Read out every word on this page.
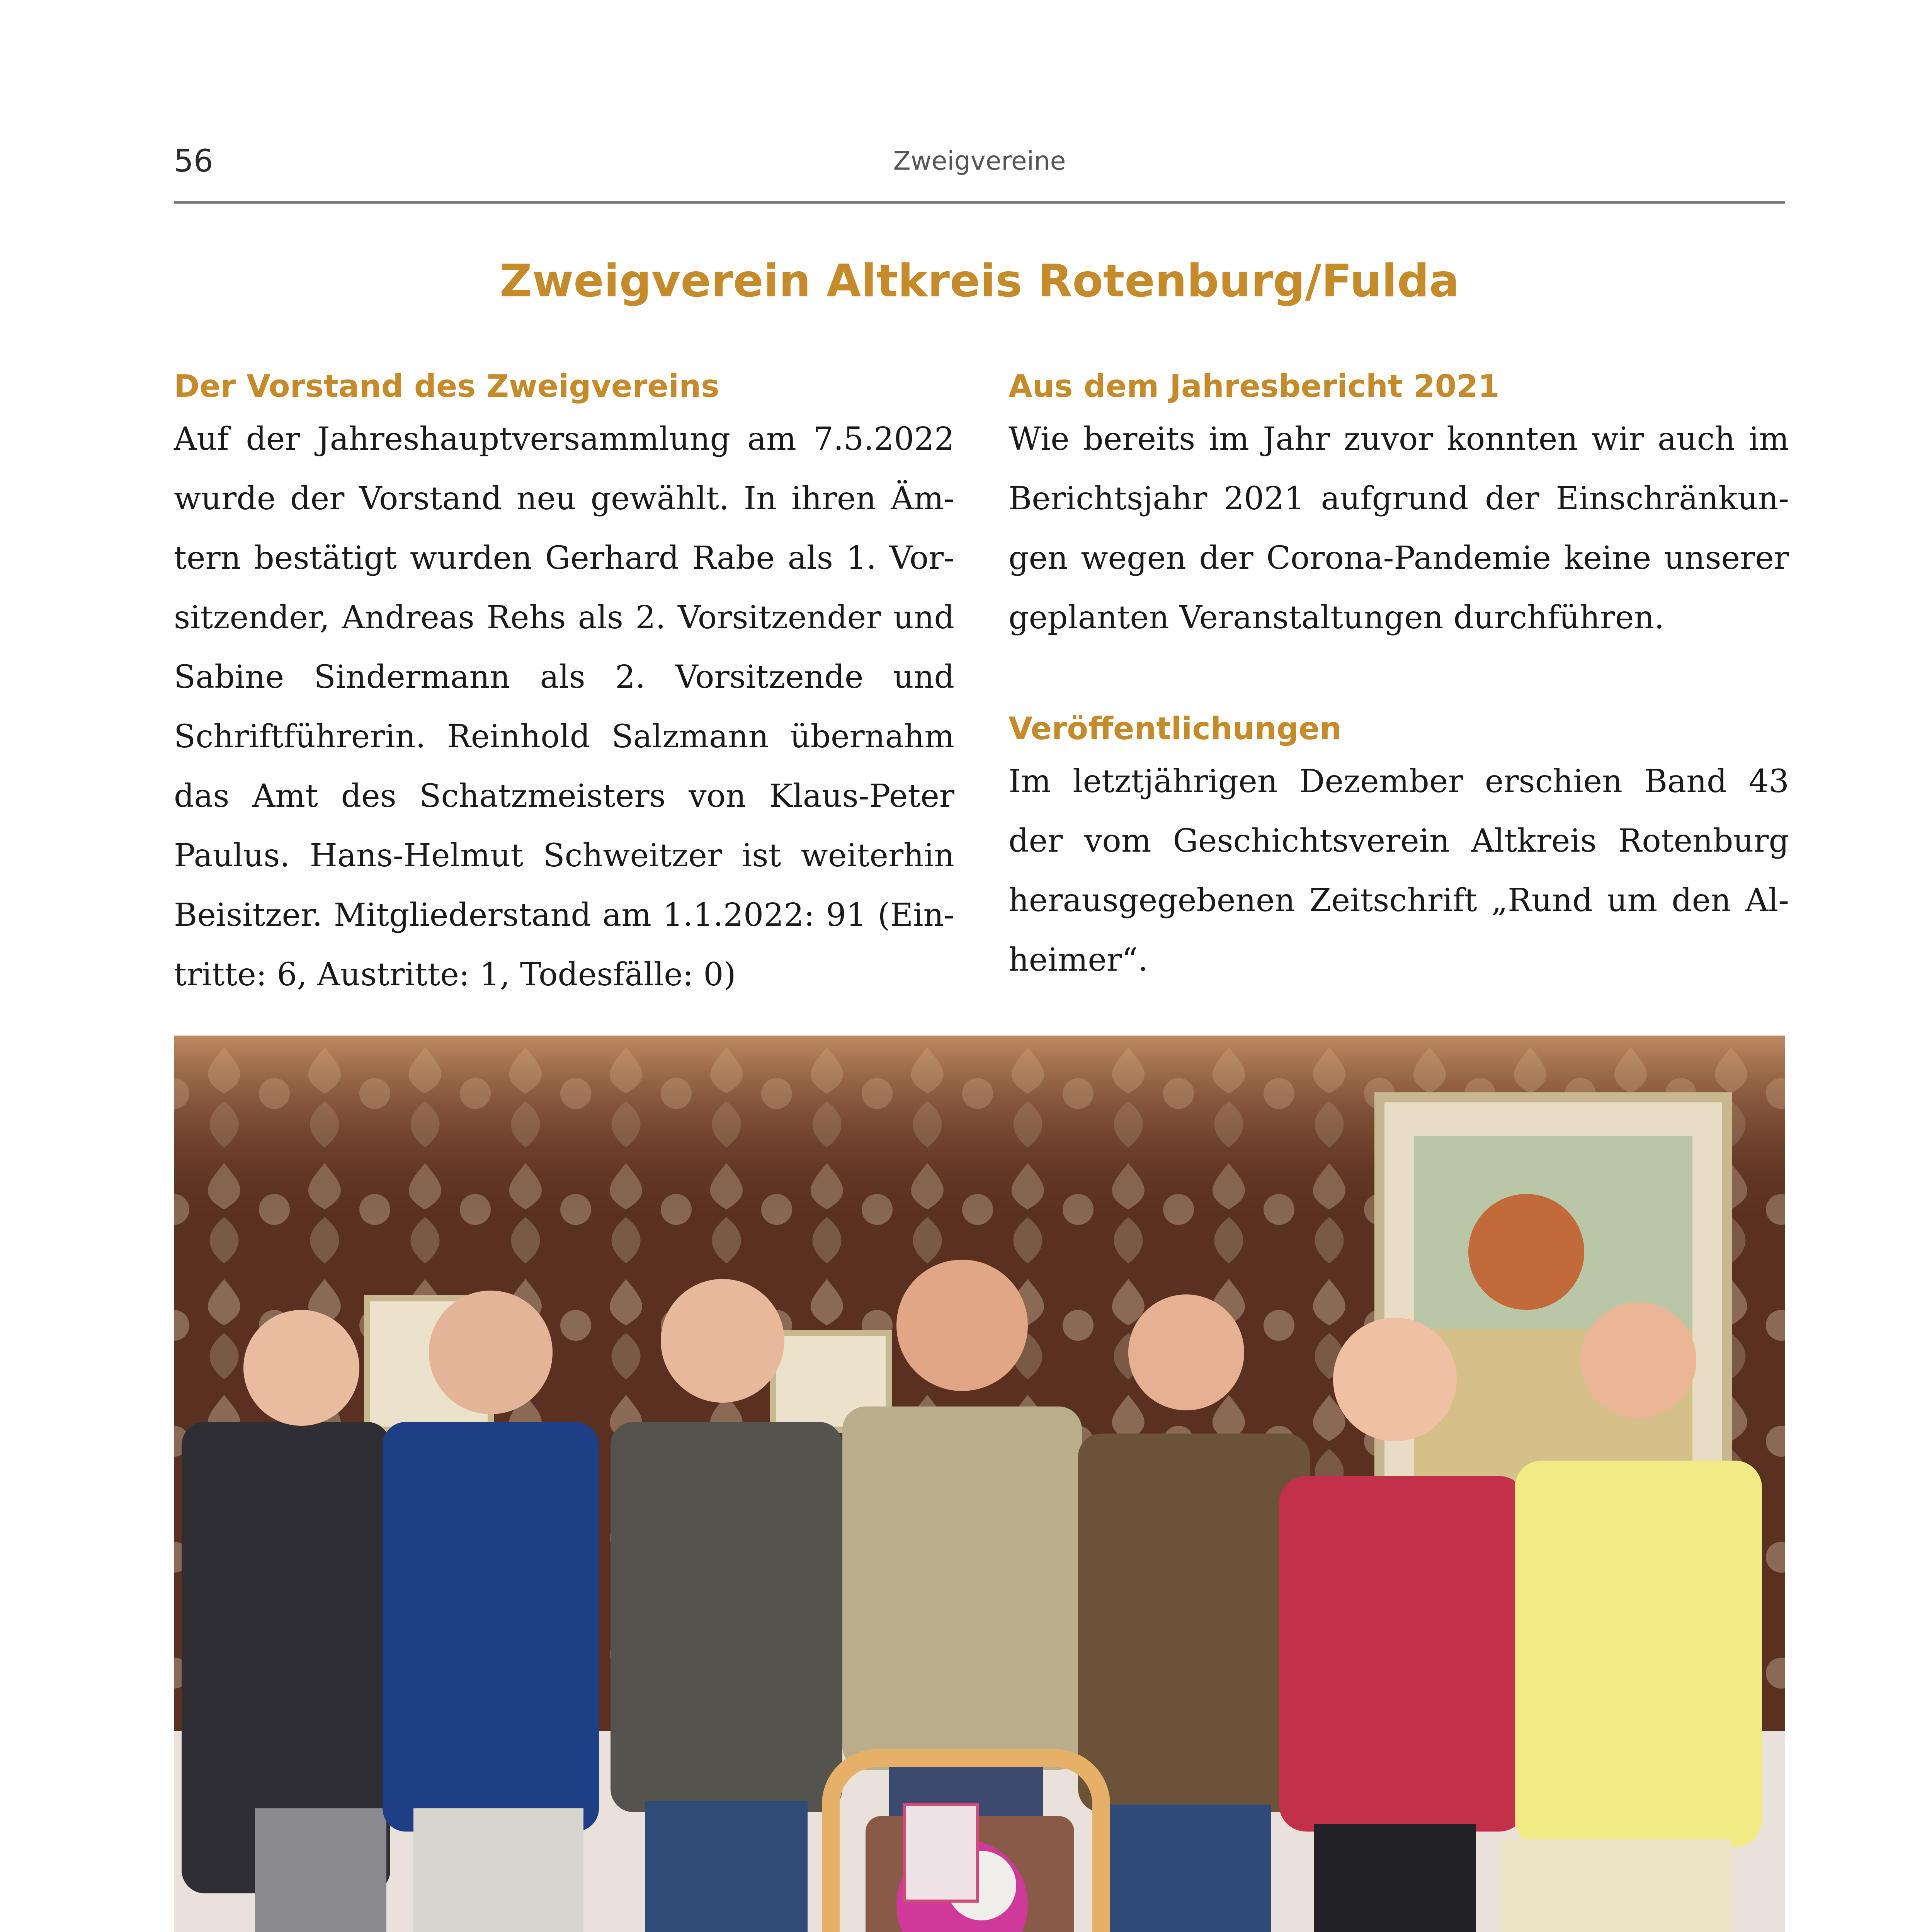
56	Zweigvereine
Zweigverein Altkreis Rotenburg/Fulda
Der Vorstand des Zweigvereins

Auf der Jahreshauptversammlung am 7.5.2022 wurde der Vorstand neu gewählt. In ihren Ämtern bestätigt wurden Gerhard Rabe als 1. Vorsitzender, Andreas Rehs als 2. Vorsitzender und Sabine Sindermann als 2. Vorsitzende und Schriftführerin. Reinhold Salzmann übernahm das Amt des Schatzmeisters von Klaus-Peter Paulus. Hans-Helmut Schweitzer ist weiterhin Beisitzer. Mitgliederstand am 1.1.2022: 91 (Eintritte: 6, Austritte: 1, Todesfälle: 0)

Aus dem Jahresbericht 2021

Wie bereits im Jahr zuvor konnten wir auch im Berichtsjahr 2021 aufgrund der Einschränkungen wegen der Corona-Pandemie keine unserer geplanten Veranstaltungen durchführen.

Veröffentlichungen

Im letztjährigen Dezember erschien Band 43 der vom Geschichtsverein Altkreis Rotenburg herausgegebenen Zeitschrift „Rund um den Alheimer“.
